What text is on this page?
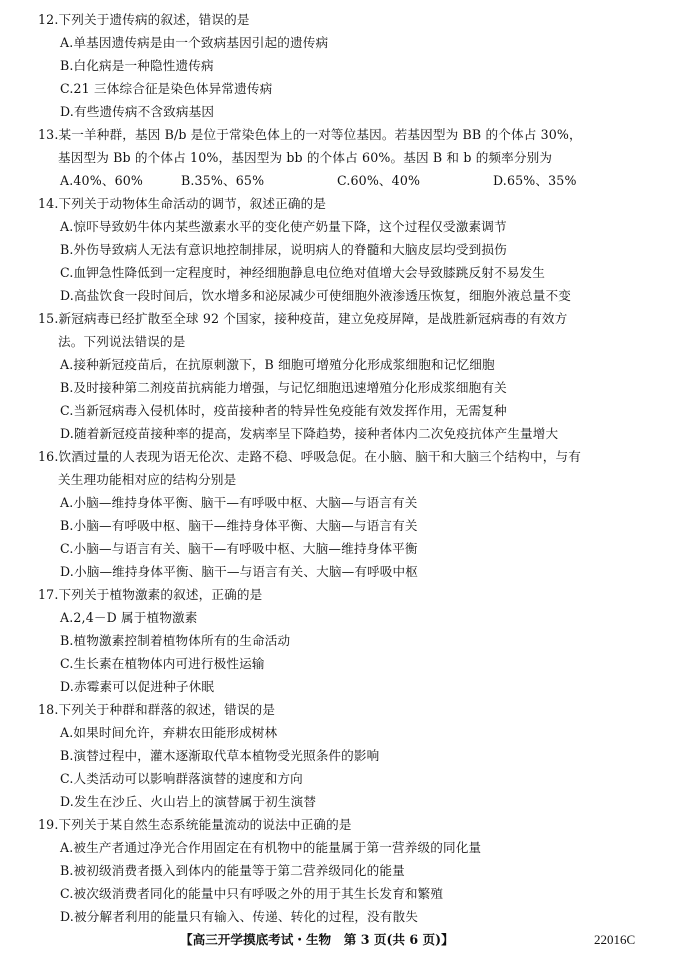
12.下列关于遗传病的叙述，错误的是
A.单基因遗传病是由一个致病基因引起的遗传病
B.白化病是一种隐性遗传病
C.21 三体综合征是染色体异常遗传病
D.有些遗传病不含致病基因
13.某一羊种群，基因 B/b 是位于常染色体上的一对等位基因。若基因型为 BB 的个体占 30%，
基因型为 Bb 的个体占 10%，基因型为 bb 的个体占 60%。基因 B 和 b 的频率分别为
A.40%、60%	B.35%、65%	C.60%、40%	D.65%、35%
14.下列关于动物体生命活动的调节，叙述正确的是
A.惊吓导致奶牛体内某些激素水平的变化使产奶量下降，这个过程仅受激素调节
B.外伤导致病人无法有意识地控制排尿，说明病人的脊髓和大脑皮层均受到损伤
C.血钾急性降低到一定程度时，神经细胞静息电位绝对值增大会导致膝跳反射不易发生
D.高盐饮食一段时间后，饮水增多和泌尿减少可使细胞外液渗透压恢复，细胞外液总量不变
15.新冠病毒已经扩散至全球 92 个国家，接种疫苗，建立免疫屏障，是战胜新冠病毒的有效方
法。下列说法错误的是
A.接种新冠疫苗后，在抗原刺激下，B 细胞可增殖分化形成浆细胞和记忆细胞
B.及时接种第二剂疫苗抗病能力增强，与记忆细胞迅速增殖分化形成浆细胞有关
C.当新冠病毒入侵机体时，疫苗接种者的特异性免疫能有效发挥作用，无需复种
D.随着新冠疫苗接种率的提高，发病率呈下降趋势，接种者体内二次免疫抗体产生量增大
16.饮酒过量的人表现为语无伦次、走路不稳、呼吸急促。在小脑、脑干和大脑三个结构中，与有
关生理功能相对应的结构分别是
A.小脑—维持身体平衡、脑干—有呼吸中枢、大脑—与语言有关
B.小脑—有呼吸中枢、脑干—维持身体平衡、大脑—与语言有关
C.小脑—与语言有关、脑干—有呼吸中枢、大脑—维持身体平衡
D.小脑—维持身体平衡、脑干—与语言有关、大脑—有呼吸中枢
17.下列关于植物激素的叙述，正确的是
A.2,4－D 属于植物激素
B.植物激素控制着植物体所有的生命活动
C.生长素在植物体内可进行极性运输
D.赤霉素可以促进种子休眠
18.下列关于种群和群落的叙述，错误的是
A.如果时间允许，弃耕农田能形成树林
B.演替过程中，灌木逐渐取代草本植物受光照条件的影响
C.人类活动可以影响群落演替的速度和方向
D.发生在沙丘、火山岩上的演替属于初生演替
19.下列关于某自然生态系统能量流动的说法中正确的是
A.被生产者通过净光合作用固定在有机物中的能量属于第一营养级的同化量
B.被初级消费者摄入到体内的能量等于第二营养级同化的能量
C.被次级消费者同化的能量中只有呼吸之外的用于其生长发育和繁殖
D.被分解者利用的能量只有输入、传递、转化的过程，没有散失
【高三开学摸底考试・生物　第 3 页(共 6 页)】	22016C
